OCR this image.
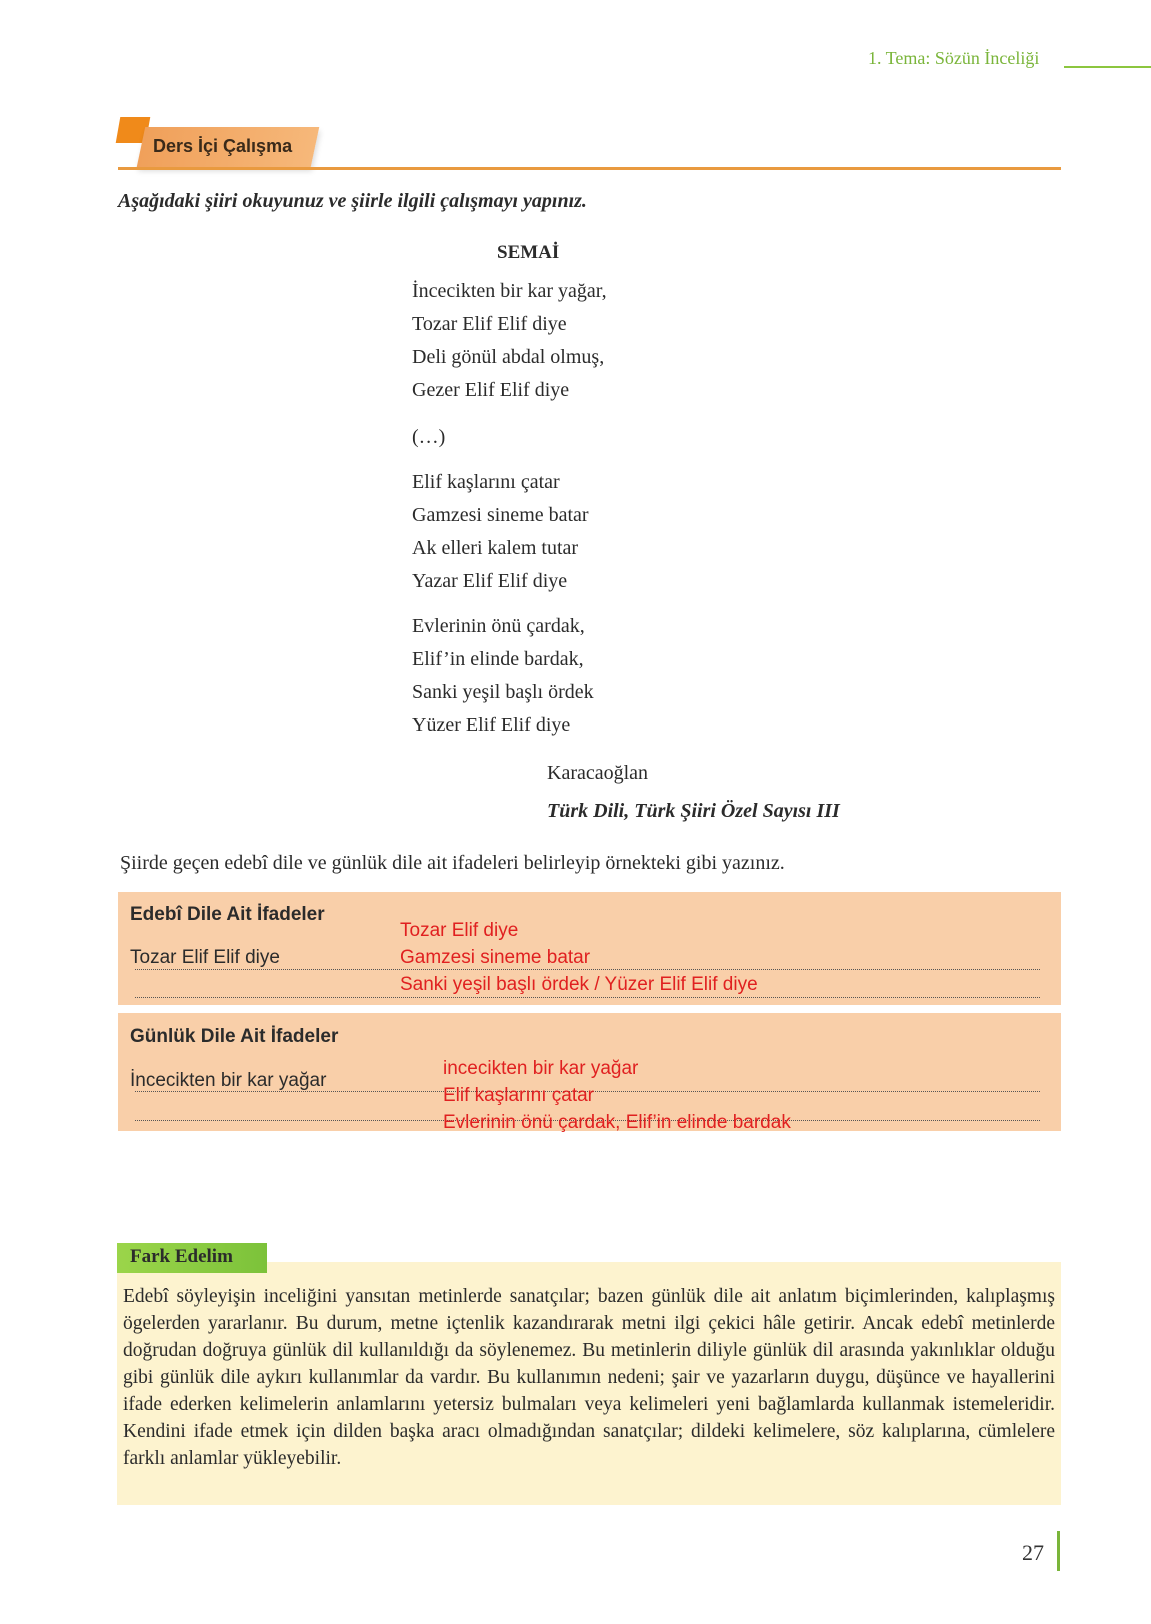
1. Tema: Sözün İnceliği
Ders İçi Çalışma
Aşağıdaki şiiri okuyunuz ve şiirle ilgili çalışmayı yapınız.
SEMAİ
İncecikten bir kar yağar,
Tozar Elif Elif diye
Deli gönül abdal olmuş,
Gezer Elif Elif diye
(…)
Elif kaşlarını çatar
Gamzesi sineme batar
Ak elleri kalem tutar
Yazar Elif Elif diye
Evlerinin önü çardak,
Elif’in elinde bardak,
Sanki yeşil başlı ördek
Yüzer Elif Elif diye
Karacaoğlan
Türk Dili, Türk Şiiri Özel Sayısı III
Şiirde geçen edebî dile ve günlük dile ait ifadeleri belirleyip örnekteki gibi yazınız.
Edebî Dile Ait İfadeler
Tozar Elif Elif diye
Tozar Elif diye
Gamzesi sineme batar
Sanki yeşil başlı ördek / Yüzer Elif Elif diye
Günlük Dile Ait İfadeler
İncecikten bir kar yağar
incecikten bir kar yağar
Elif kaşlarını çatar
Evlerinin önü çardak, Elif’in elinde bardak
Fark Edelim
Edebî söyleyişin inceliğini yansıtan metinlerde sanatçılar; bazen günlük dile ait anlatım biçimlerinden, kalıplaşmış ögelerden yararlanır. Bu durum, metne içtenlik kazandırarak metni ilgi çekici hâle getirir. Ancak edebî metinlerde doğrudan doğruya günlük dil kullanıldığı da söylenemez. Bu metinlerin diliyle günlük dil arasında yakınlıklar olduğu gibi günlük dile aykırı kullanımlar da vardır. Bu kullanımın nedeni; şair ve yazarların duygu, düşünce ve hayallerini ifade ederken kelimelerin anlamlarını yetersiz bulmaları veya kelimeleri yeni bağlamlarda kullanmak istemeleridir. Kendini ifade etmek için dilden başka aracı olmadığından sanatçılar; dildeki kelimelere, söz kalıplarına, cümlelere farklı anlamlar yükleyebilir.
27
